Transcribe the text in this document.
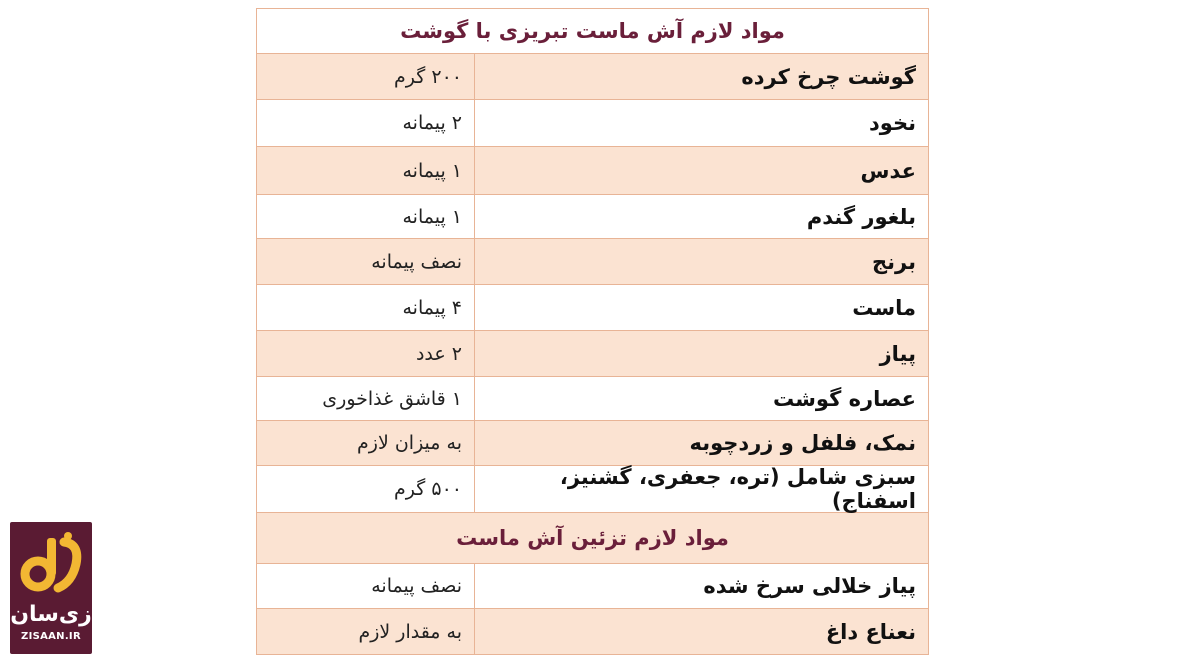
مواد لازم آش ماست تبریزی با گوشت
گوشت چرخ کرده
۲۰۰ گرم
نخود
۲ پیمانه
عدس
۱ پیمانه
بلغور گندم
۱ پیمانه
برنج
نصف پیمانه
ماست
۴ پیمانه
پیاز
۲ عدد
عصاره گوشت
۱ قاشق غذاخوری
نمک، فلفل و زردچوبه
به میزان لازم
سبزی شامل (تره، جعفری، گشنیز، اسفناج)
۵۰۰ گرم
مواد لازم تزئین آش ماست
پیاز خلالی سرخ شده
نصف پیمانه
نعناع داغ
به مقدار لازم
زی‌سان
ZISAAN.IR
